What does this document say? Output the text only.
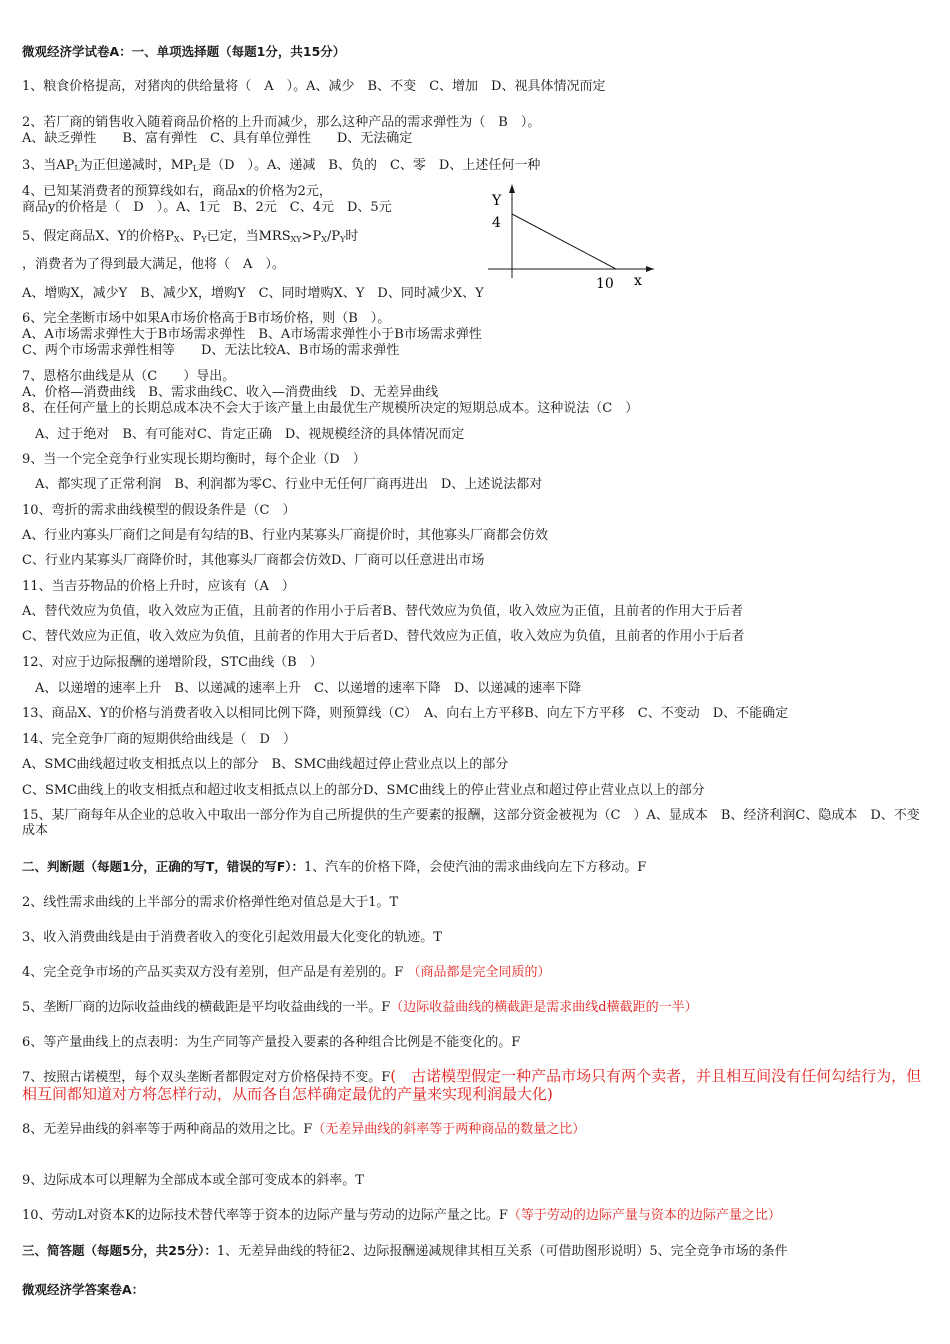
微观经济学试卷A：一、单项选择题（每题1分，共15分）
1、粮食价格提高，对猪肉的供给量将（　A　）。A、减少　B、不变　C、增加　D、视具体情况而定
2、若厂商的销售收入随着商品价格的上升而减少，那么这种产品的需求弹性为（　B　）。
A、缺乏弹性　　B、富有弹性　C、具有单位弹性　　D、无法确定
3、当$AP_L$为正但递减时，$MP_L$是（D　）。A、递减　B、负的　C、零　D、上述任何一种
4、已知某消费者的预算线如右，商品x的价格为2元，
商品y的价格是（　D　）。A、1元　B、2元　C、4元　D、5元
5、假定商品X、Y的价格$P_X$、$P_Y$已定，当$MRS_{XY}>P_X/P_Y$时
，消费者为了得到最大满足，他将（　A　）。
A、增购X，减少Y　B、减少X，增购Y　C、同时增购X、Y　D、同时减少X、Y
Y
4
10 x
6、完全垄断市场中如果A市场价格高于B市场价格，则（B　）。
A、A市场需求弹性大于B市场需求弹性　B、A市场需求弹性小于B市场需求弹性
C、两个市场需求弹性相等　　D、无法比较A、B市场的需求弹性
7、恩格尔曲线是从（C　　）导出。
A、价格—消费曲线　B、需求曲线C、收入—消费曲线　D、无差异曲线
8、在任何产量上的长期总成本决不会大于该产量上由最优生产规模所决定的短期总成本。这种说法（C　）
　A、过于绝对　B、有可能对C、肯定正确　D、视规模经济的具体情况而定
9、当一个完全竞争行业实现长期均衡时，每个企业（D　）
　A、都实现了正常利润　B、利润都为零C、行业中无任何厂商再进出　D、上述说法都对
10、弯折的需求曲线模型的假设条件是（C　）
A、行业内寡头厂商们之间是有勾结的B、行业内某寡头厂商提价时，其他寡头厂商都会仿效
C、行业内某寡头厂商降价时，其他寡头厂商都会仿效D、厂商可以任意进出市场
11、当吉芬物品的价格上升时，应该有（A　）
A、替代效应为负值，收入效应为正值，且前者的作用小于后者B、替代效应为负值，收入效应为正值，且前者的作用大于后者
C、替代效应为正值，收入效应为负值，且前者的作用大于后者D、替代效应为正值，收入效应为负值，且前者的作用小于后者
12、对应于边际报酬的递增阶段，STC曲线（B　）
　A、以递增的速率上升　B、以递减的速率上升　C、以递增的速率下降　D、以递减的速率下降
13、商品X、Y的价格与消费者收入以相同比例下降，则预算线（C）　A、向右上方平移B、向左下方平移　C、不变动　D、不能确定
14、完全竞争厂商的短期供给曲线是（　D　）
A、SMC曲线超过收支相抵点以上的部分　B、SMC曲线超过停止营业点以上的部分
C、SMC曲线上的收支相抵点和超过收支相抵点以上的部分D、SMC曲线上的停止营业点和超过停止营业点以上的部分
15、某厂商每年从企业的总收入中取出一部分作为自己所提供的生产要素的报酬，这部分资金被视为（C　）A、显成本　B、经济利润C、隐成本　D、不变成本
二、判断题（每题1分，正确的写T，错误的写F）：1、汽车的价格下降，会使汽油的需求曲线向左下方移动。F
2、线性需求曲线的上半部分的需求价格弹性绝对值总是大于1。T
3、收入消费曲线是由于消费者收入的变化引起效用最大化变化的轨迹。T
4、完全竞争市场的产品买卖双方没有差别，但产品是有差别的。F （商品都是完全同质的）
5、垄断厂商的边际收益曲线的横截距是平均收益曲线的一半。F（边际收益曲线的横截距是需求曲线d横截距的一半）
6、等产量曲线上的点表明：为生产同等产量投入要素的各种组合比例是不能变化的。F
7、按照古诺模型，每个双头垄断者都假定对方价格保持不变。F(　古诺模型假定一种产品市场只有两个卖者，并且相互间没有任何勾结行为，但相互间都知道对方将怎样行动，从而各自怎样确定最优的产量来实现利润最大化)
8、无差异曲线的斜率等于两种商品的效用之比。F（无差异曲线的斜率等于两种商品的数量之比）
9、边际成本可以理解为全部成本或全部可变成本的斜率。T
10、劳动L对资本K的边际技术替代率等于资本的边际产量与劳动的边际产量之比。F（等于劳动的边际产量与资本的边际产量之比）
三、简答题（每题5分，共25分）：1、无差异曲线的特征2、边际报酬递减规律其相互关系（可借助图形说明）5、完全竞争市场的条件
微观经济学答案卷A：
